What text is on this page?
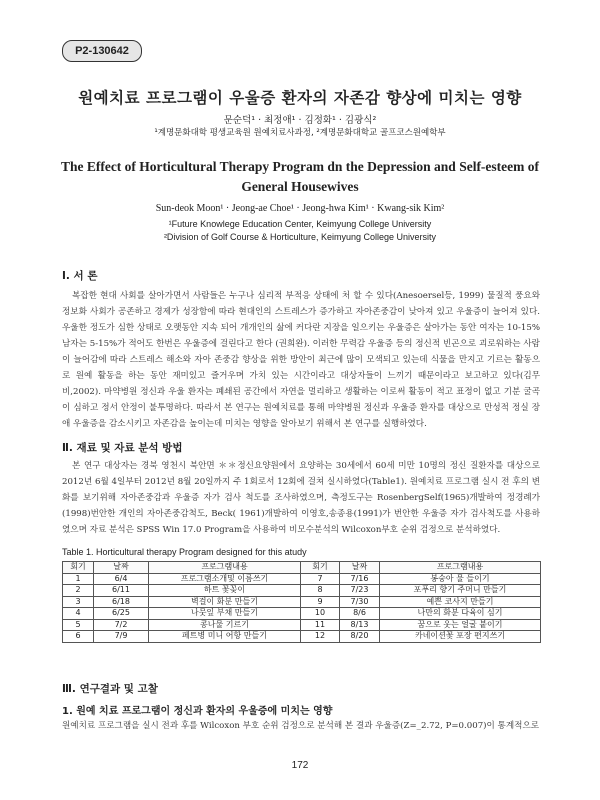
P2-130642
원예치료 프로그램이 우울증 환자의 자존감 향상에 미치는 영향
문순덕¹ · 최정애¹ · 김정화¹ · 김광식²
¹계명문화대학 평생교육원 원예치료사과정, ²계명문화대학교 골프코스원예학부
The Effect of Horticultural Therapy Program dn the Depression and Self-esteem of General Housewives
Sun-deok Moon¹ · Jeong-ae Choe¹ · Jeong-hwa Kim¹ · Kwang-sik Kim²
¹Future Knowlege Education Center, Keimyung College University
²Division of Golf Course & Horticulture, Keimyung College University
Ⅰ. 서 론
복잡한 현대 사회를 살아가면서 사람들은 누구나 심리적 부적응 상태에 처 할 수 있다(Anesoersel등, 1999) 물질적 풍요와 정보화 사회가 공존하고 경제가 성장함에 따라 현대인의 스트레스가 증가하고 자아존중감이 낮아져 있고 우울증이 늘어져 있다. 우울한 정도가 심한 상태로 오랫동안 지속 되어 개개인의 삶에 커다란 지장을 일으키는 우울증은 살아가는 동안 여자는 10-15% 남자는 5-15%가 적어도 한번은 우울증에 걸린다고 한다 (권희완). 이러한 무력감 우울증 등의 정신적 빈곤으로 괴로워하는 사람이 늘어감에 따라 스트레스 해소와 자아 존중감 향상을 위한 방안이 최근에 많이 모색되고 있는데 식물을 만지고 기르는 활동으로 원예 활동을 하는 동안 재미있고 즐거우며 가치 있는 시간이라고 대상자들이 느끼기 때문이라고 보고하고 있다(김무비,2002). 마약병원 정신과 우울 환자는 폐쇄된 공간에서 자연을 멀리하고 생활하는 이로써 활동이 적고 표정이 없고 기분 굴곡이 심하고 정서 안정이 불투명하다. 따라서 본 연구는 원예치료를 통해 마약병원 정신과 우울증 환자를 대상으로 만성적 정실 장애 우울증을 감소시키고 자존감을 높이는데 미치는 영향을 알아보기 위해서 본 연구를 실행하였다.
Ⅱ. 재료 및 자료 분석 방법
본 연구 대상자는 경북 영천시 북안면 ＊＊정신요양원에서 요양하는 30세에서 60세 미만 10명의 정신 질환자를 대상으로 2012년 6월 4일부터 2012년 8월 20일까지 주 1회로서 12회에 걸쳐 실시하였다(Table1). 원예치료 프로그램 실시 전 후의 변화를 보기위해 자아존중감과 우울증 자가 검사 척도를 조사하였으며, 측정도구는 RosenbergSelf(1965)개발하여 정경례가(1998)번안한 개인의 자아존중감척도, Beck( 1961)개발하여 이영호,송종용(1991)가 번안한 우울증 자가 검사척도를 사용하였으며 자료 분석은 SPSS Win 17.0 Program을 사용하여 비모수분석의 Wilcoxon부호 순위 검정으로 분석하였다.
Table 1. Horticultural therapy Program designed for this atudy
회기	날짜	프로그램내용	회기	날짜	프로그램내용
1	6/4	프로그램소개및 이름쓰기	7	7/16	봉숭아 물 들이기
2	6/11	하트 꽃꽂이	8	7/23	포푸리 향기 주머니 만들기
3	6/18	벽걸이 화분 만들기	9	7/30	예쁜 코사지 만들기
4	6/25	나뭇잎 부채 만들기	10	8/6	나만의 화분 다육이 심기
5	7/2	콩나물 기르기	11	8/13	꿈으로 웃는 얼굴 붙이기
6	7/9	페트병 미니 어항 만들기	12	8/20	카네이션꽃 포장 편지쓰기
Ⅲ. 연구결과 및 고찰
1. 원예 치료 프로그램이 정신과 환자의 우울증에 미치는 영향
원예치료 프로그램을 실시 전과 후를 Wilcoxon 부호 순위 검정으로 분석해 본 결과 우울증(Z=_2.72, P=0.007)이 통계적으로
172
